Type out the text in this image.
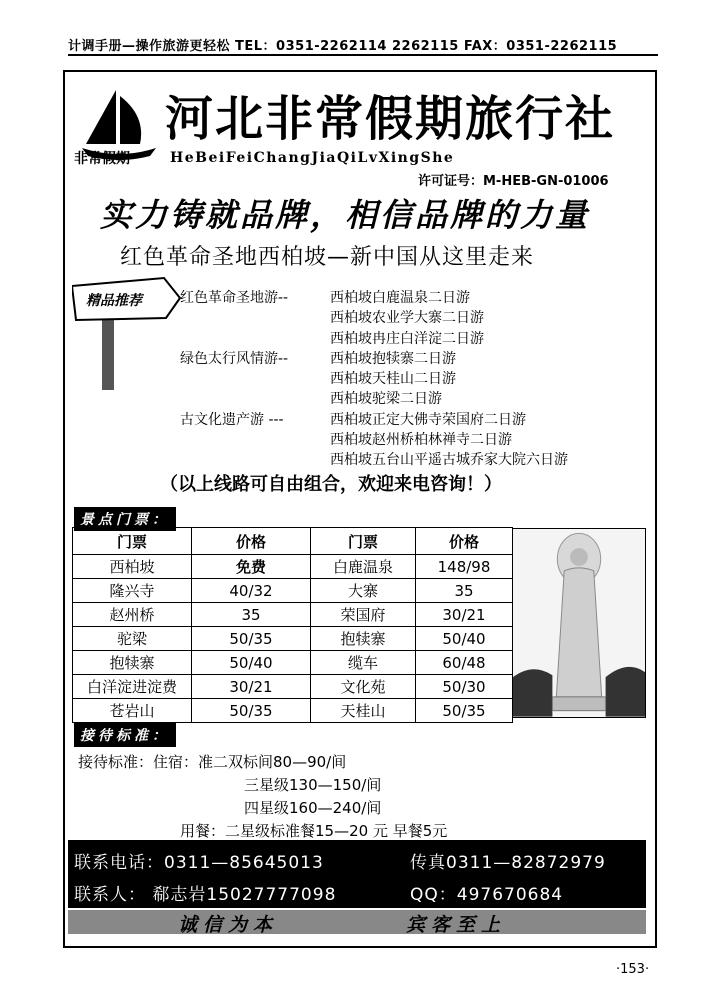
计调手册—操作旅游更轻松 TEL：0351-2262114 2262115 FAX：0351-2262115
非常假期
河北非常假期旅行社
HeBeiFeiChangJiaQiLvXingShe
许可证号：M-HEB-GN-01006
实力铸就品牌，相信品牌的力量
红色革命圣地西柏坡—新中国从这里走来
精品推荐	红色革命圣地游--	西柏坡白鹿温泉二日游
西柏坡农业学大寨二日游
西柏坡冉庄白洋淀二日游
绿色太行风情游--	西柏坡抱犊寨二日游
西柏坡天桂山二日游
西柏坡驼梁二日游
古文化遗产游 ---	西柏坡正定大佛寺荣国府二日游
西柏坡赵州桥柏林禅寺二日游
西柏坡五台山平遥古城乔家大院六日游
（以上线路可自由组合，欢迎来电咨询！）
景点门票：
门票	价格	门票	价格
西柏坡	免费	白鹿温泉	148/98
隆兴寺	40/32	大寨	35
赵州桥	35	荣国府	30/21
驼梁	50/35	抱犊寨	50/40
抱犊寨	50/40	缆车	60/48
白洋淀进淀费	30/21	文化苑	50/30
苍岩山	50/35	天桂山	50/35
接待标准：
接待标准：住宿：准二双标间80—90/间
三星级130—150/间
四星级160—240/间
用餐：二星级标准餐15—20 元 早餐5元
联系电话：0311—85645013	传真0311—82872979
联系人： 郗志岩15027777098	QQ：497670684
诚信为本	宾客至上
·153·
